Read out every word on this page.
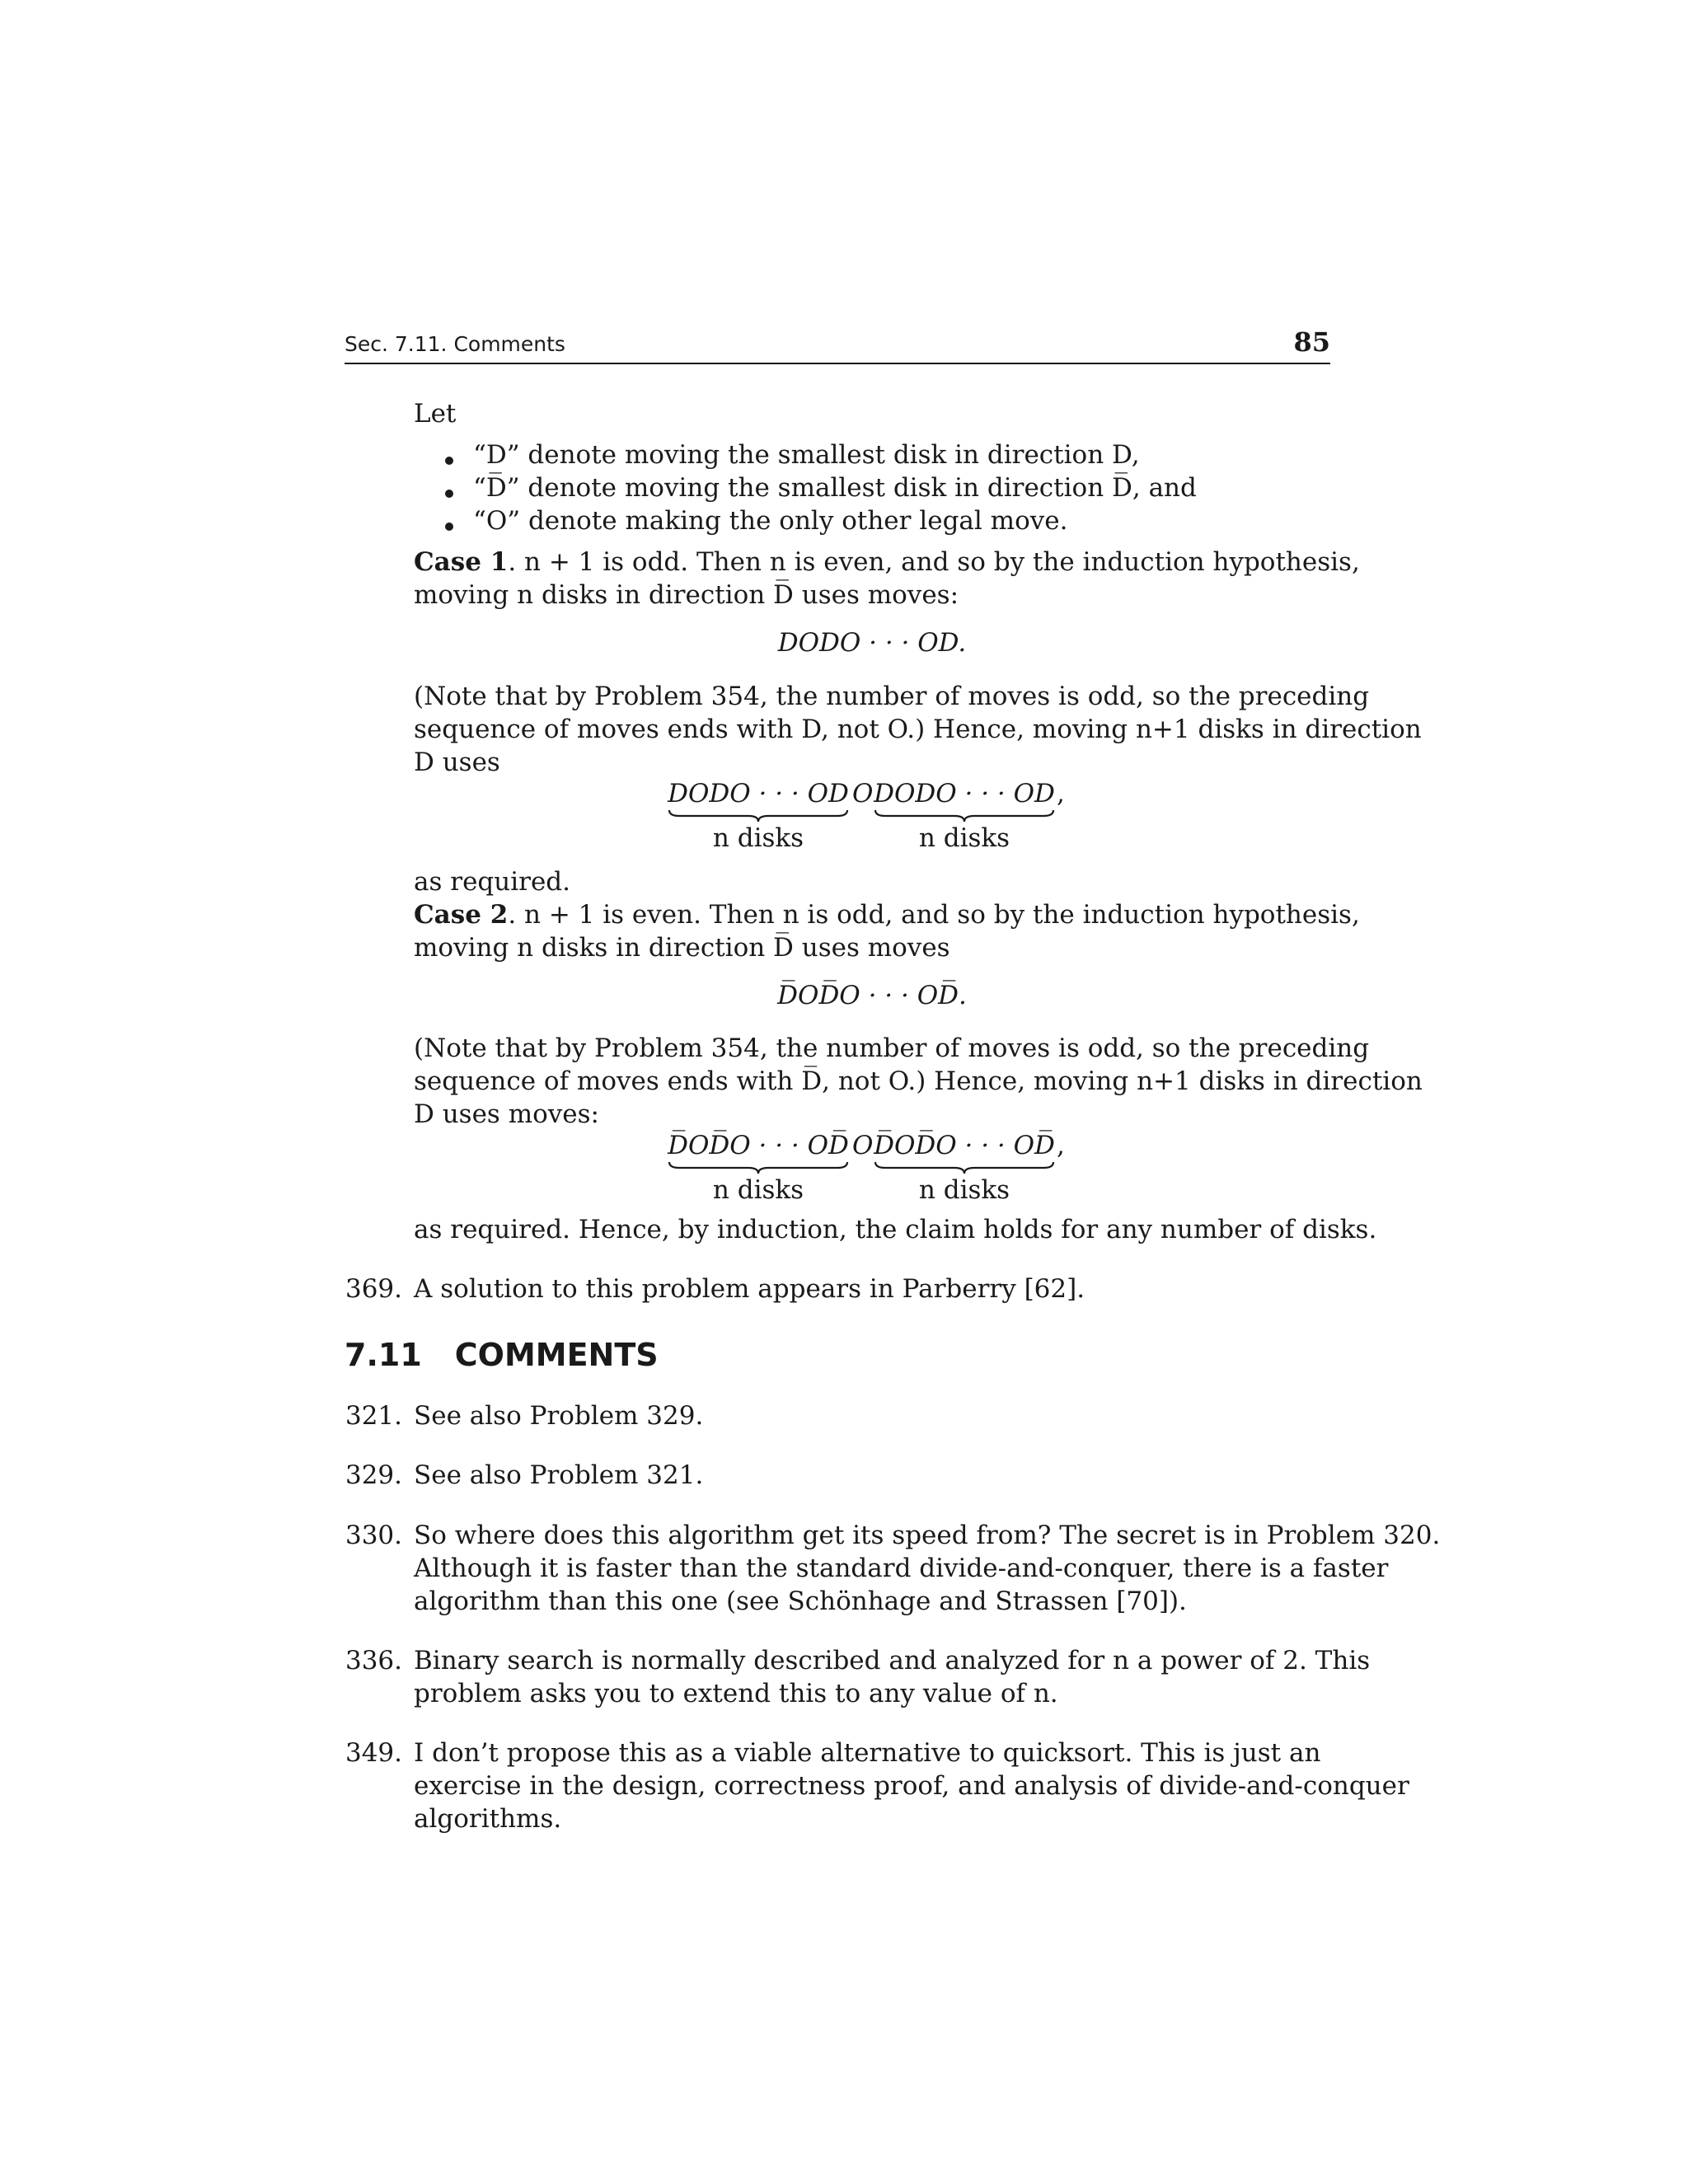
Sec. 7.11. Comments	85
Let
“D” denote moving the smallest disk in direction D,
“D̅” denote moving the smallest disk in direction D̅, and
“O” denote making the only other legal move.
Case 1. n + 1 is odd. Then n is even, and so by the induction hypothesis,
moving n disks in direction D̅ uses moves:
DODO · · · OD.
(Note that by Problem 354, the number of moves is odd, so the preceding
sequence of moves ends with D, not O.) Hence, moving n+1 disks in direction
D uses
DODO · · · OD
n disks
O DODO · · · OD
n disks
,
as required.
Case 2. n + 1 is even. Then n is odd, and so by the induction hypothesis,
moving n disks in direction D̅ uses moves
D̅OD̅O · · · OD̅.
(Note that by Problem 354, the number of moves is odd, so the preceding
sequence of moves ends with D̅, not O.) Hence, moving n+1 disks in direction
D uses moves:
D̅OD̅O · · · OD̅
n disks
O D̅OD̅O · · · OD̅
n disks
,
as required. Hence, by induction, the claim holds for any number of disks.
369. A solution to this problem appears in Parberry [62].
7.11 COMMENTS
321. See also Problem 329.
329. See also Problem 321.
330. So where does this algorithm get its speed from? The secret is in Problem 320.
Although it is faster than the standard divide-and-conquer, there is a faster
algorithm than this one (see Schönhage and Strassen [70]).
336. Binary search is normally described and analyzed for n a power of 2. This
problem asks you to extend this to any value of n.
349. I don’t propose this as a viable alternative to quicksort. This is just an
exercise in the design, correctness proof, and analysis of divide-and-conquer
algorithms.
